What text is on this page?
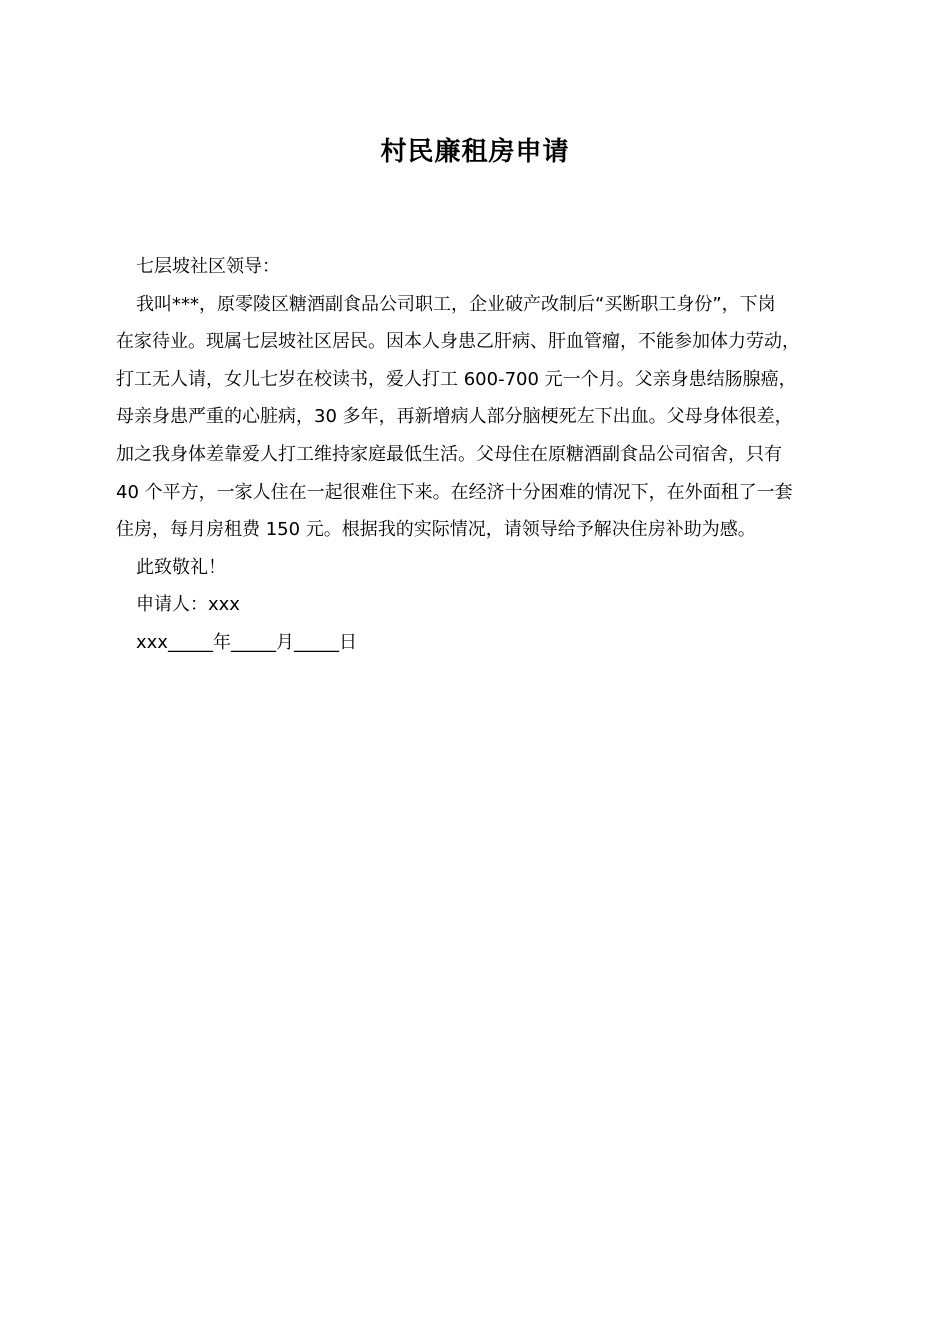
村民廉租房申请
七层坡社区领导：
我叫***，原零陵区糖酒副食品公司职工，企业破产改制后“买断职工身份”，下岗
在家待业。现属七层坡社区居民。因本人身患乙肝病、肝血管瘤，不能参加体力劳动，
打工无人请，女儿七岁在校读书，爱人打工 600-700 元一个月。父亲身患结肠腺癌，
母亲身患严重的心脏病，30 多年，再新增病人部分脑梗死左下出血。父母身体很差，
加之我身体差靠爱人打工维持家庭最低生活。父母住在原糖酒副食品公司宿舍，只有
40 个平方，一家人住在一起很难住下来。在经济十分困难的情况下，在外面租了一套
住房，每月房租费 150 元。根据我的实际情况，请领导给予解决住房补助为感。
此致敬礼！
申请人：xxx
xxx_____年_____月_____日
